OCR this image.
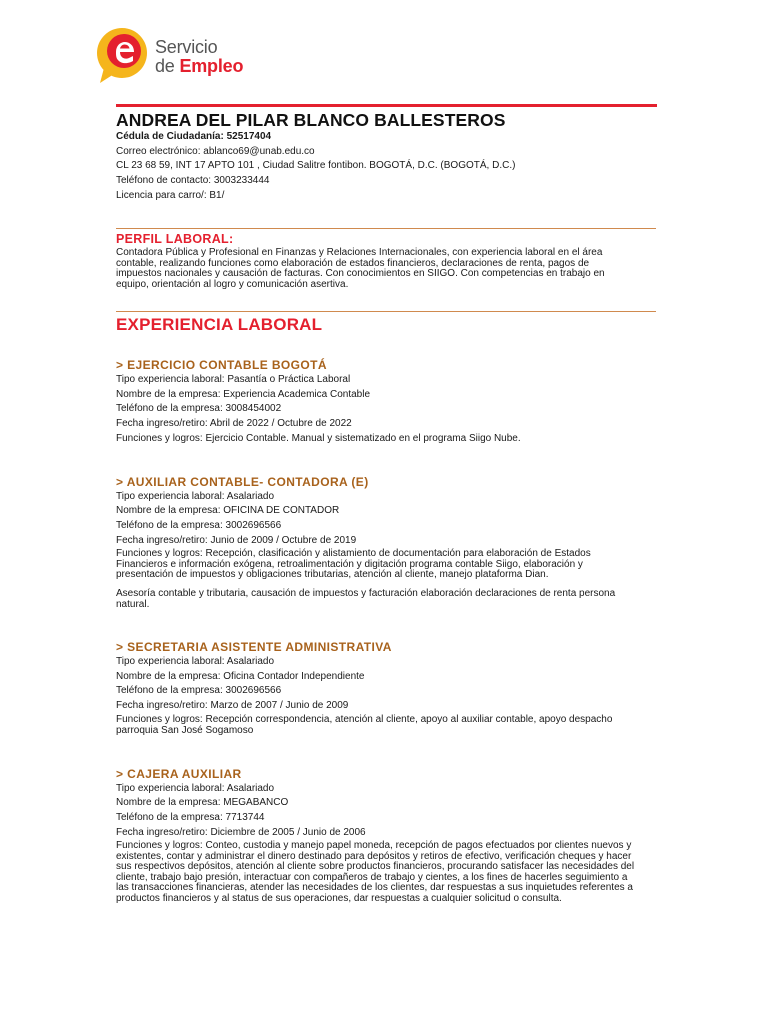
Servicio
de Empleo
ANDREA DEL PILAR BLANCO BALLESTEROS
Cédula de Ciudadanía: 52517404
Correo electrónico: ablanco69@unab.edu.co
CL 23 68 59, INT 17 APTO 101 , Ciudad Salitre fontibon. BOGOTÁ, D.C. (BOGOTÁ, D.C.)
Teléfono de contacto: 3003233444
Licencia para carro/: B1/
PERFIL LABORAL:
Contadora Pública y Profesional en Finanzas y Relaciones Internacionales, con experiencia laboral en el área
contable, realizando funciones como elaboración de estados financieros, declaraciones de renta, pagos de
impuestos nacionales y causación de facturas. Con conocimientos en SIIGO. Con competencias en trabajo en
equipo, orientación al logro y comunicación asertiva.
EXPERIENCIA LABORAL
> EJERCICIO CONTABLE BOGOTÁ
Tipo experiencia laboral: Pasantía o Práctica Laboral
Nombre de la empresa: Experiencia Academica Contable
Teléfono de la empresa: 3008454002
Fecha ingreso/retiro: Abril de 2022 / Octubre de 2022
Funciones y logros: Ejercicio Contable. Manual y sistematizado en el programa Siigo Nube.
> AUXILIAR CONTABLE- CONTADORA (E)
Tipo experiencia laboral: Asalariado
Nombre de la empresa: OFICINA DE CONTADOR
Teléfono de la empresa: 3002696566
Fecha ingreso/retiro: Junio de 2009 / Octubre de 2019
Funciones y logros: Recepción, clasificación y alistamiento de documentación para elaboración de Estados
Financieros e información exógena, retroalimentación y digitación programa contable Siigo, elaboración y
presentación de impuestos y obligaciones tributarias, atención al cliente, manejo plataforma Dian.
Asesoría contable y tributaria, causación de impuestos y facturación elaboración declaraciones de renta persona
natural.
> SECRETARIA ASISTENTE ADMINISTRATIVA
Tipo experiencia laboral: Asalariado
Nombre de la empresa: Oficina Contador Independiente
Teléfono de la empresa: 3002696566
Fecha ingreso/retiro: Marzo de 2007 / Junio de 2009
Funciones y logros: Recepción correspondencia, atención al cliente, apoyo al auxiliar contable, apoyo despacho
parroquia San José Sogamoso
> CAJERA AUXILIAR
Tipo experiencia laboral: Asalariado
Nombre de la empresa: MEGABANCO
Teléfono de la empresa: 7713744
Fecha ingreso/retiro: Diciembre de 2005 / Junio de 2006
Funciones y logros: Conteo, custodia y manejo papel moneda, recepción de pagos efectuados por clientes nuevos y
existentes, contar y administrar el dinero destinado para depósitos y retiros de efectivo, verificación cheques y hacer
sus respectivos depósitos, atención al cliente sobre productos financieros, procurando satisfacer las necesidades del
cliente, trabajo bajo presión, interactuar con compañeros de trabajo y cientes, a los fines de hacerles seguimiento a
las transacciones financieras, atender las necesidades de los clientes, dar respuestas a sus inquietudes referentes a
productos financieros y al status de sus operaciones, dar respuestas a cualquier solicitud o consulta.
